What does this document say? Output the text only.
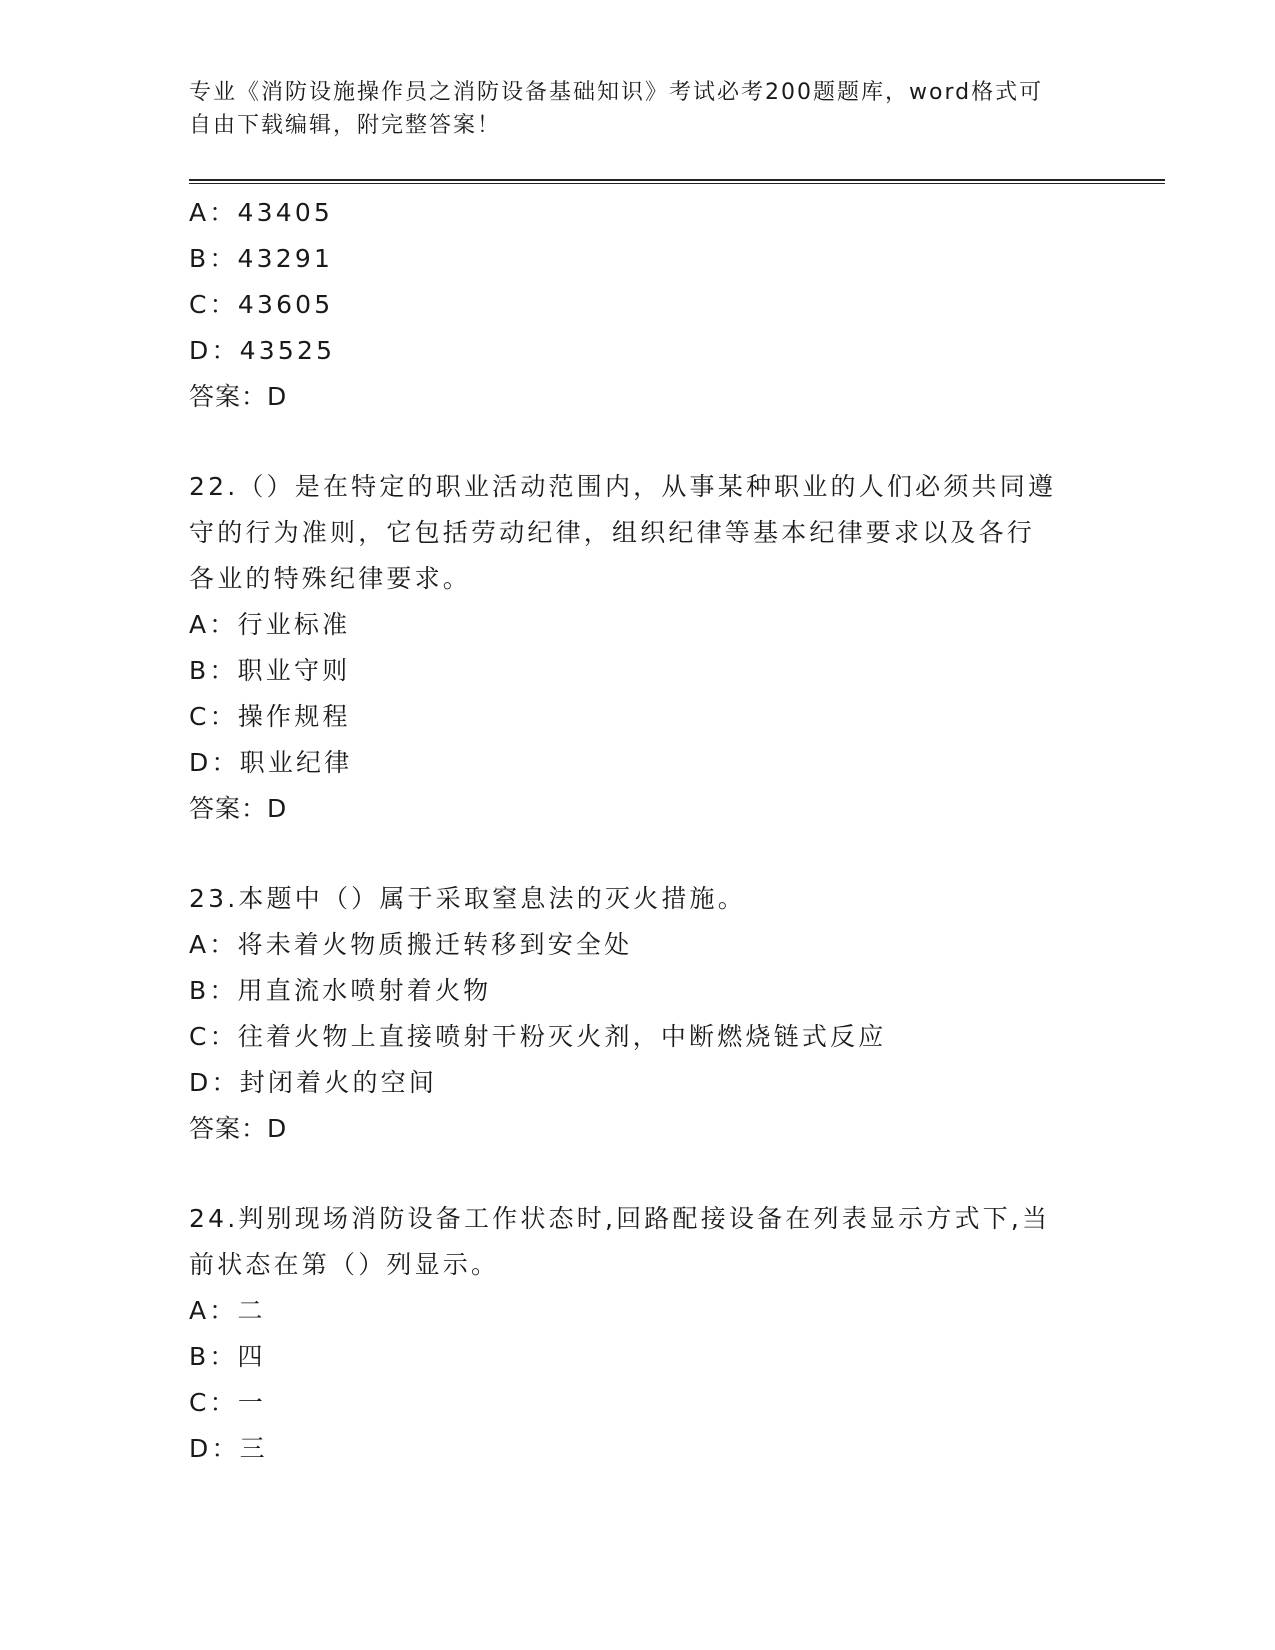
专业《消防设施操作员之消防设备基础知识》考试必考200题题库，word格式可
自由下载编辑，附完整答案！
A：43405
B：43291
C：43605
D：43525
答案：D
22.（）是在特定的职业活动范围内，从事某种职业的人们必须共同遵
守的行为准则，它包括劳动纪律，组织纪律等基本纪律要求以及各行
各业的特殊纪律要求。
A：行业标准
B：职业守则
C：操作规程
D：职业纪律
答案：D
23.本题中（）属于采取窒息法的灭火措施。
A：将未着火物质搬迁转移到安全处
B：用直流水喷射着火物
C：往着火物上直接喷射干粉灭火剂，中断燃烧链式反应
D：封闭着火的空间
答案：D
24.判别现场消防设备工作状态时,回路配接设备在列表显示方式下,当
前状态在第（）列显示。
A：二
B：四
C：一
D：三
